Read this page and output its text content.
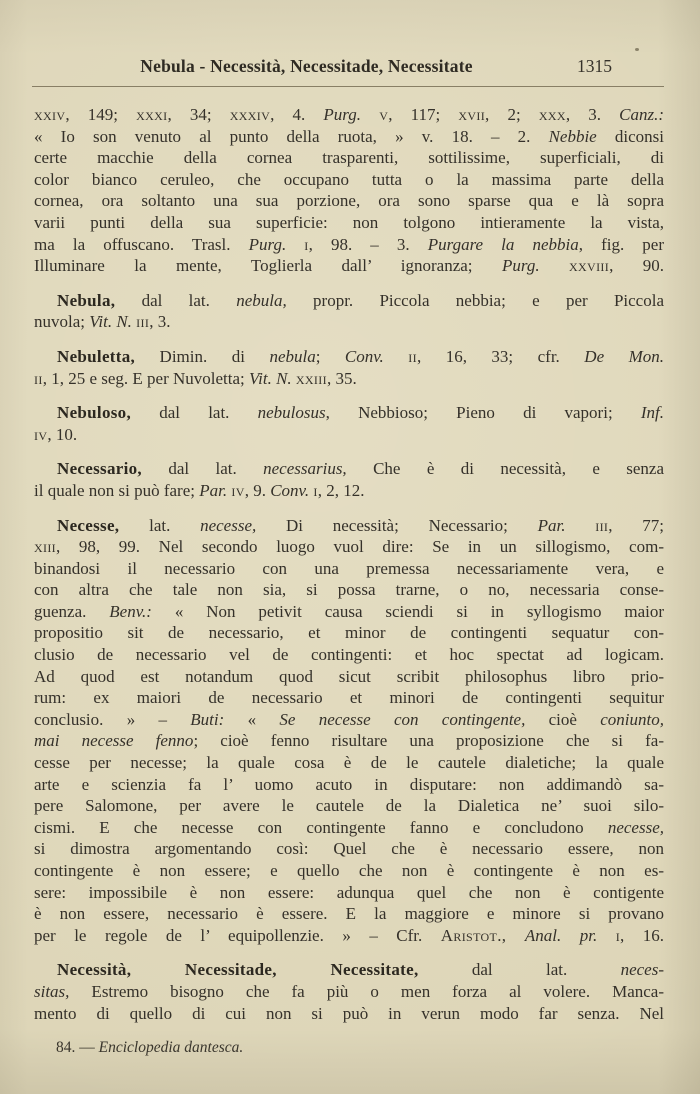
Nebula - Necessità, Necessitade, Necessitate	1315
xxiv, 149; xxxi, 34; xxxiv, 4. Purg. v, 117; xvii, 2; xxx, 3. Canz.:
« Io son venuto al punto della ruota, » v. 18. – 2. Nebbie diconsi
certe macchie della cornea trasparenti, sottilissime, superficiali, di
color bianco ceruleo, che occupano tutta o la massima parte della
cornea, ora soltanto una sua porzione, ora sono sparse qua e là sopra
varii punti della sua superficie: non tolgono intieramente la vista,
ma la offuscano. Trasl. Purg. i, 98. – 3. Purgare la nebbia, fig. per
Illuminare la mente, Toglierla dall’ ignoranza; Purg. xxviii, 90.
Nebula, dal lat. nebula, propr. Piccola nebbia; e per Piccola
nuvola; Vit. N. iii, 3.
Nebuletta, Dimin. di nebula; Conv. ii, 16, 33; cfr. De Mon.
ii, 1, 25 e seg. E per Nuvoletta; Vit. N. xxiii, 35.
Nebuloso, dal lat. nebulosus, Nebbioso; Pieno di vapori; Inf.
iv, 10.
Necessario, dal lat. necessarius, Che è di necessità, e senza
il quale non si può fare; Par. iv, 9. Conv. i, 2, 12.
Necesse, lat. necesse, Di necessità; Necessario; Par. iii, 77;
xiii, 98, 99. Nel secondo luogo vuol dire: Se in un sillogismo, com-
binandosi il necessario con una premessa necessariamente vera, e
con altra che tale non sia, si possa trarne, o no, necessaria conse-
guenza. Benv.: « Non petivit causa sciendi si in syllogismo maior
propositio sit de necessario, et minor de contingenti sequatur con-
clusio de necessario vel de contingenti: et hoc spectat ad logicam.
Ad quod est notandum quod sicut scribit philosophus libro prio-
rum: ex maiori de necessario et minori de contingenti sequitur
conclusio. » – Buti: « Se necesse con contingente, cioè coniunto,
mai necesse fenno; cioè fenno risultare una proposizione che si fa-
cesse per necesse; la quale cosa è de le cautele dialetiche; la quale
arte e scienzia fa l’ uomo acuto in disputare: non addimandò sa-
pere Salomone, per avere le cautele de la Dialetica ne’ suoi silo-
cismi. E che necesse con contingente fanno e concludono necesse,
si dimostra argomentando così: Quel che è necessario essere, non
contingente è non essere; e quello che non è contingente è non es-
sere: impossibile è non essere: adunqua quel che non è contigente
è non essere, necessario è essere. E la maggiore e minore si provano
per le regole de l’ equipollenzie. » – Cfr. Aristot., Anal. pr. i, 16.
Necessità, Necessitade, Necessitate, dal lat. neces-
sitas, Estremo bisogno che fa più o men forza al volere. Manca-
mento di quello di cui non si può in verun modo far senza. Nel
84. — Enciclopedia dantesca.
